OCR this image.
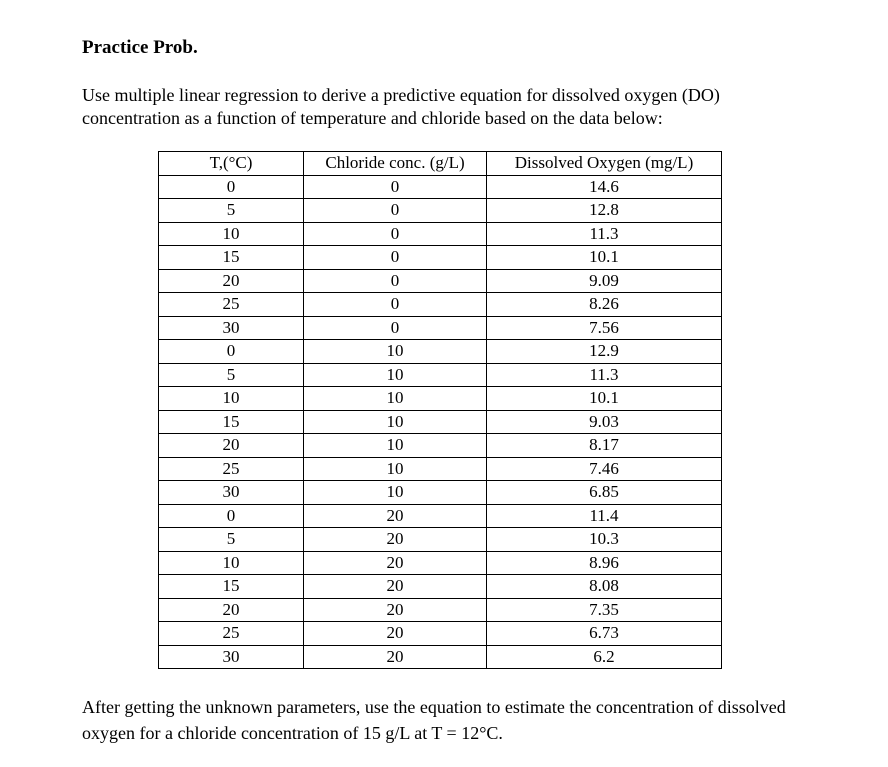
Practice Prob.

Use multiple linear regression to derive a predictive equation for dissolved oxygen (DO) concentration as a function of temperature and chloride based on the data below:

T,(°C)	Chloride conc. (g/L)	Dissolved Oxygen (mg/L)
0	0	14.6
5	0	12.8
10	0	11.3
15	0	10.1
20	0	9.09
25	0	8.26
30	0	7.56
0	10	12.9
5	10	11.3
10	10	10.1
15	10	9.03
20	10	8.17
25	10	7.46
30	10	6.85
0	20	11.4
5	20	10.3
10	20	8.96
15	20	8.08
20	20	7.35
25	20	6.73
30	20	6.2

After getting the unknown parameters, use the equation to estimate the concentration of dissolved oxygen for a chloride concentration of 15 g/L at T = 12°C.
